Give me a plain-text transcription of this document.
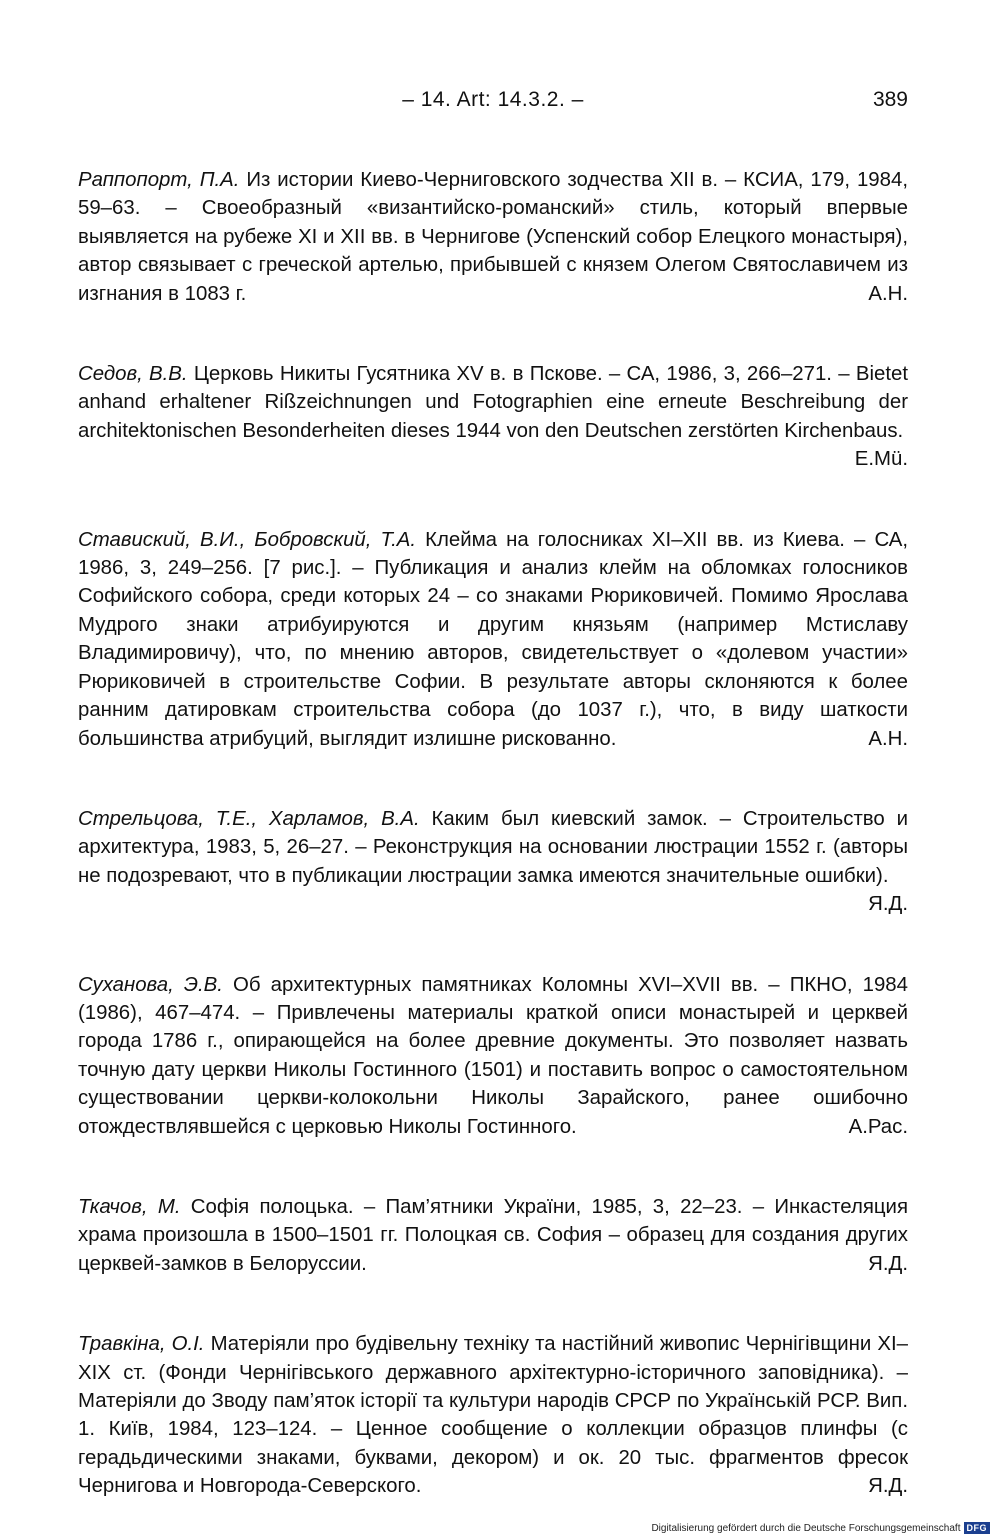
– 14. Art: 14.3.2. –	389

Раппопорт, П.А. Из истории Киево-Черниговского зодчества XII в. – КСИА, 179, 1984, 59–63. – Своеобразный «византийско-романский» стиль, который впервые выявляется на рубеже XI и XII вв. в Чернигове (Успенский собор Елецкого монастыря), автор связывает с греческой артелью, прибывшей с князем Олегом Святославичем из изгнания в 1083 г.	А.Н.

Седов, В.В. Церковь Никиты Гусятника XV в. в Пскове. – СА, 1986, 3, 266–271. – Bietet anhand erhaltener Rißzeichnungen und Fotographien eine erneute Beschreibung der architektonischen Besonderheiten dieses 1944 von den Deutschen zerstörten Kirchenbaus.
E.Mü.

Ставиский, В.И., Бобровский, Т.А. Клейма на голосниках XI–XII вв. из Киева. – СА, 1986, 3, 249–256. [7 рис.]. – Публикация и анализ клейм на обломках голосников Софийского собора, среди которых 24 – со знаками Рюриковичей. Помимо Ярослава Мудрого знаки атрибуируются и другим князьям (например Мстиславу Владимировичу), что, по мнению авторов, свидетельствует о «долевом участии» Рюриковичей в строительстве Софии. В результате авторы склоняются к более ранним датировкам строительства собора (до 1037 г.), что, в виду шаткости большинства атрибуций, выглядит излишне рискованно.	А.Н.

Стрельцова, Т.Е., Харламов, В.А. Каким был киевский замок. – Строительство и архитектура, 1983, 5, 26–27. – Реконструкция на основании люстрации 1552 г. (авторы не подозревают, что в публикации люстрации замка имеются значительные ошибки).
Я.Д.

Суханова, Э.В. Об архитектурных памятниках Коломны XVI–XVII вв. – ПКНО, 1984 (1986), 467–474. – Привлечены материалы краткой описи монастырей и церквей города 1786 г., опирающейся на более древние документы. Это позволяет назвать точную дату церкви Николы Гостинного (1501) и поставить вопрос о самостоятельном существовании церкви-колокольни Николы Зарайского, ранее ошибочно отождествлявшейся с церковью Николы Гостинного.	А.Рас.

Ткачов, М. Софія полоцька. – Пам’ятники України, 1985, 3, 22–23. – Инкастеляция храма произошла в 1500–1501 гг. Полоцкая св. София – образец для создания других церквей-замков в Белоруссии.	Я.Д.

Травкіна, О.І. Матеріяли про будівельну техніку та настійний живопис Чернігівщини XI–XIX ст. (Фонди Чернігівського державного архітектурно-історичного заповідника). – Матеріяли до Зводу пам’яток історії та культури народів СРСР по Українській РСР. Вип. 1. Київ, 1984, 123–124. – Ценное сообщение о коллекции образцов плинфы (с герадьдическими знаками, буквами, декором) и ок. 20 тыс. фрагментов фресок Чернигова и Новгорода-Северского.	Я.Д.

Digitalisierung gefördert durch die Deutsche Forschungsgemeinschaft DFG
